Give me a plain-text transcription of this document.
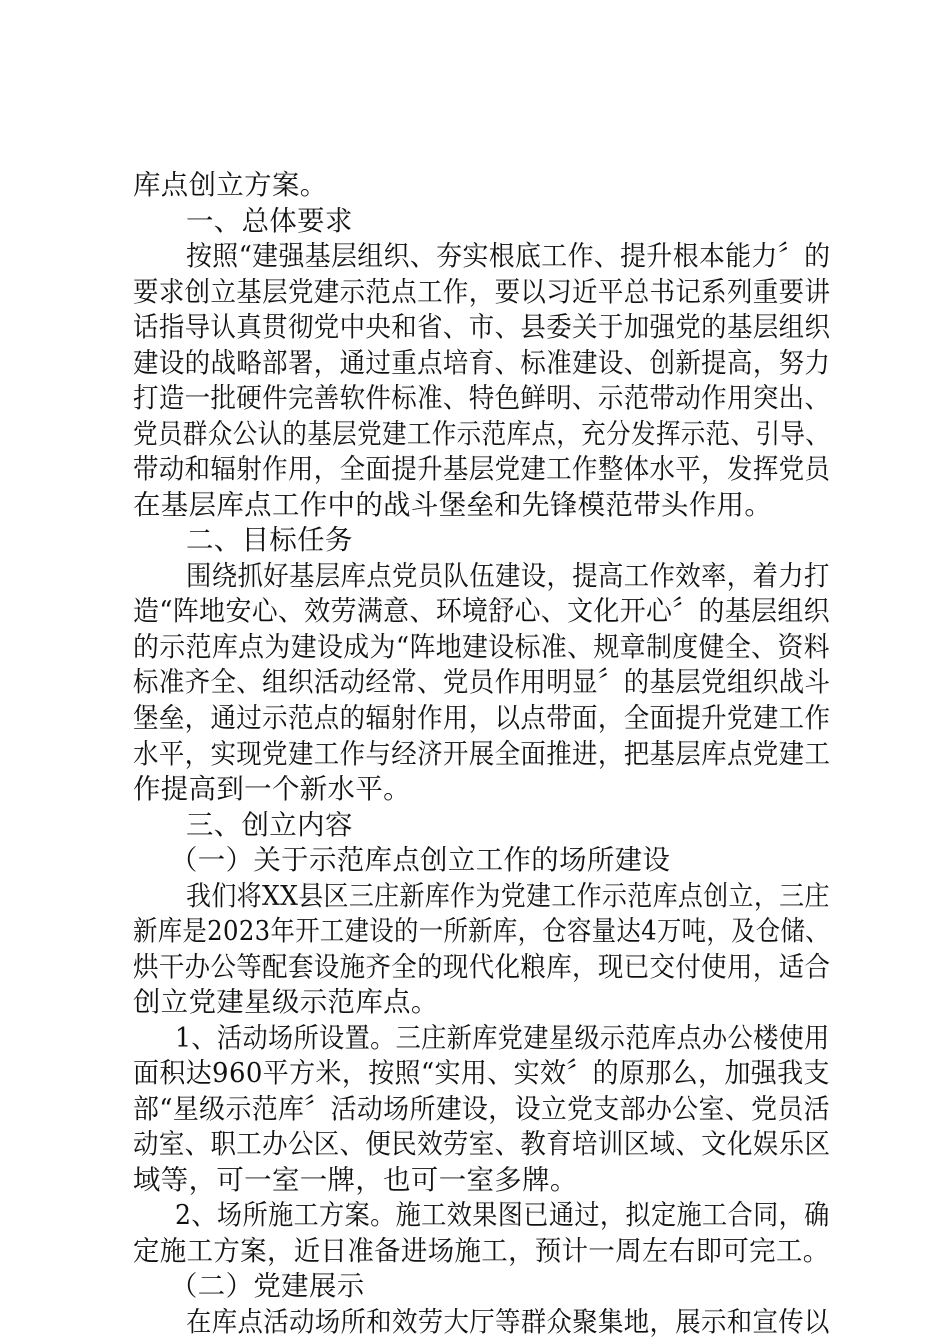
库点创立方案。
一、总体要求
按照“建强基层组织、夯实根底工作、提升根本能力〞的
要求创立基层党建示范点工作，要以习近平总书记系列重要讲
话指导认真贯彻党中央和省、市、县委关于加强党的基层组织
建设的战略部署，通过重点培育、标准建设、创新提高，努力
打造一批硬件完善软件标准、特色鲜明、示范带动作用突出、
党员群众公认的基层党建工作示范库点，充分发挥示范、引导、
带动和辐射作用，全面提升基层党建工作整体水平，发挥党员
在基层库点工作中的战斗堡垒和先锋模范带头作用。
二、目标任务
围绕抓好基层库点党员队伍建设，提高工作效率，着力打
造“阵地安心、效劳满意、环境舒心、文化开心〞的基层组织
的示范库点为建设成为“阵地建设标准、规章制度健全、资料
标准齐全、组织活动经常、党员作用明显〞的基层党组织战斗
堡垒，通过示范点的辐射作用，以点带面，全面提升党建工作
水平，实现党建工作与经济开展全面推进，把基层库点党建工
作提高到一个新水平。
三、创立内容
（一）关于示范库点创立工作的场所建设
我们将XX县区三庄新库作为党建工作示范库点创立，三庄
新库是2023年开工建设的一所新库，仓容量达4万吨，及仓储、
烘干办公等配套设施齐全的现代化粮库，现已交付使用，适合
创立党建星级示范库点。
1、活动场所设置。三庄新库党建星级示范库点办公楼使用
面积达960平方米，按照“实用、实效〞的原那么，加强我支
部“星级示范库〞活动场所建设，设立党支部办公室、党员活
动室、职工办公区、便民效劳室、教育培训区域、文化娱乐区
域等，可一室一牌，也可一室多牌。
2、场所施工方案。施工效果图已通过，拟定施工合同，确
定施工方案，近日准备进场施工，预计一周左右即可完工。
（二）党建展示
在库点活动场所和效劳大厅等群众聚集地，展示和宣传以
